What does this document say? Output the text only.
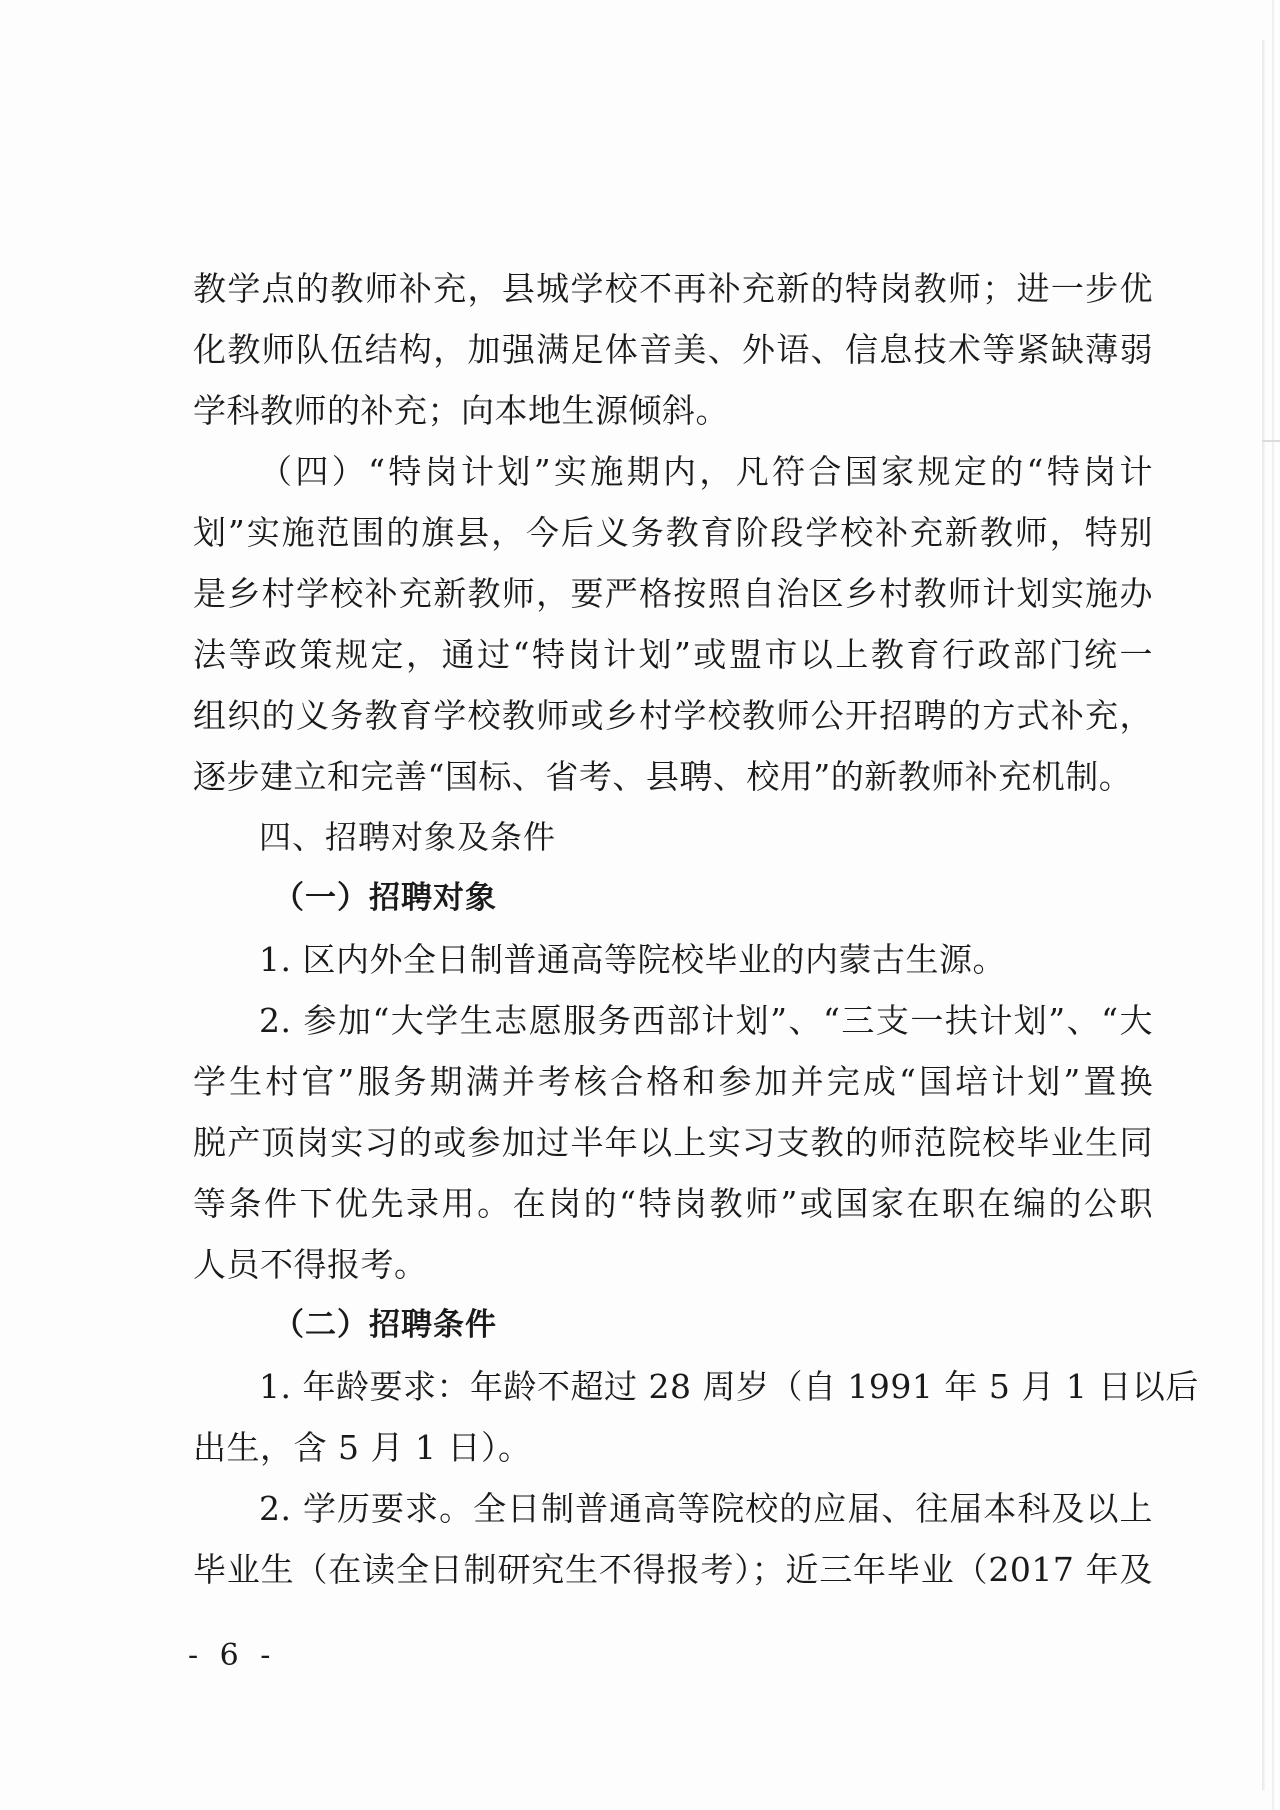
教学点的教师补充，县城学校不再补充新的特岗教师；进一步优
化教师队伍结构，加强满足体音美、外语、信息技术等紧缺薄弱
学科教师的补充；向本地生源倾斜。
（四）“特岗计划”实施期内，凡符合国家规定的“特岗计
划”实施范围的旗县，今后义务教育阶段学校补充新教师，特别
是乡村学校补充新教师，要严格按照自治区乡村教师计划实施办
法等政策规定，通过“特岗计划”或盟市以上教育行政部门统一
组织的义务教育学校教师或乡村学校教师公开招聘的方式补充，
逐步建立和完善“国标、省考、县聘、校用”的新教师补充机制。
四、招聘对象及条件
（一）招聘对象
1. 区内外全日制普通高等院校毕业的内蒙古生源。
2. 参加“大学生志愿服务西部计划”、“三支一扶计划”、“大
学生村官”服务期满并考核合格和参加并完成“国培计划”置换
脱产顶岗实习的或参加过半年以上实习支教的师范院校毕业生同
等条件下优先录用。在岗的“特岗教师”或国家在职在编的公职
人员不得报考。
（二）招聘条件
1. 年龄要求：年龄不超过 28 周岁（自 1991 年 5 月 1 日以后
出生，含 5 月 1 日）。
2. 学历要求。全日制普通高等院校的应届、往届本科及以上
毕业生（在读全日制研究生不得报考）；近三年毕业（2017 年及
- 6 -
